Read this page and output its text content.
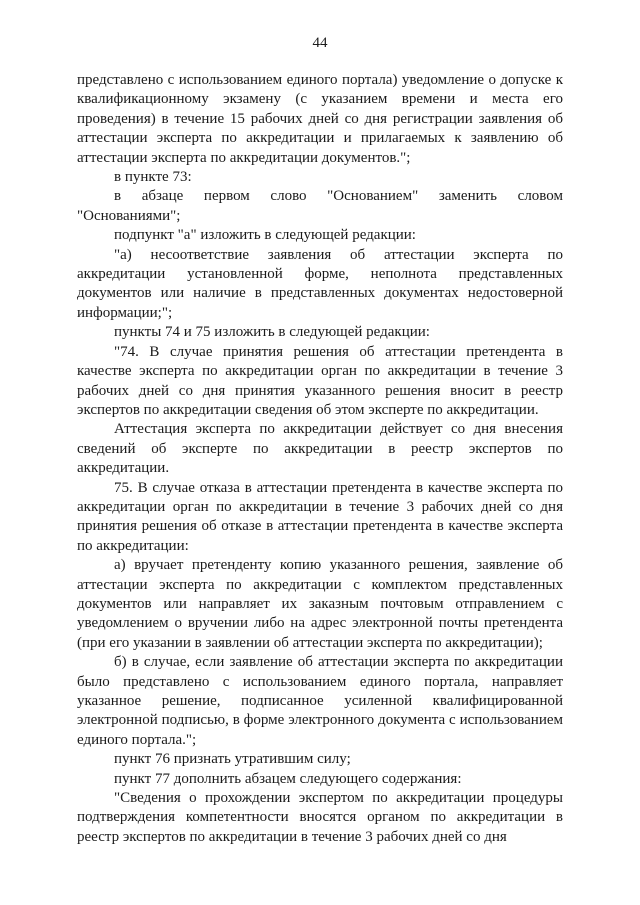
44

представлено с использованием единого портала) уведомление о допуске к квалификационному экзамену (с указанием времени и места его проведения) в течение 15 рабочих дней со дня регистрации заявления об аттестации эксперта по аккредитации и прилагаемых к заявлению об аттестации эксперта по аккредитации документов.";

в пункте 73:

в абзаце первом слово "Основанием" заменить словом "Основаниями";

подпункт "а" изложить в следующей редакции:

"а) несоответствие заявления об аттестации эксперта по аккредитации установленной форме, неполнота представленных документов или наличие в представленных документах недостоверной информации;";

пункты 74 и 75 изложить в следующей редакции:

"74. В случае принятия решения об аттестации претендента в качестве эксперта по аккредитации орган по аккредитации в течение 3 рабочих дней со дня принятия указанного решения вносит в реестр экспертов по аккредитации сведения об этом эксперте по аккредитации.

Аттестация эксперта по аккредитации действует со дня внесения сведений об эксперте по аккредитации в реестр экспертов по аккредитации.

75. В случае отказа в аттестации претендента в качестве эксперта по аккредитации орган по аккредитации в течение 3 рабочих дней со дня принятия решения об отказе в аттестации претендента в качестве эксперта по аккредитации:

а) вручает претенденту копию указанного решения, заявление об аттестации эксперта по аккредитации с комплектом представленных документов или направляет их заказным почтовым отправлением с уведомлением о вручении либо на адрес электронной почты претендента (при его указании в заявлении об аттестации эксперта по аккредитации);

б) в случае, если заявление об аттестации эксперта по аккредитации было представлено с использованием единого портала, направляет указанное решение, подписанное усиленной квалифицированной электронной подписью, в форме электронного документа с использованием единого портала.";

пункт 76 признать утратившим силу;

пункт 77 дополнить абзацем следующего содержания:

"Сведения о прохождении экспертом по аккредитации процедуры подтверждения компетентности вносятся органом по аккредитации в реестр экспертов по аккредитации в течение 3 рабочих дней со дня
